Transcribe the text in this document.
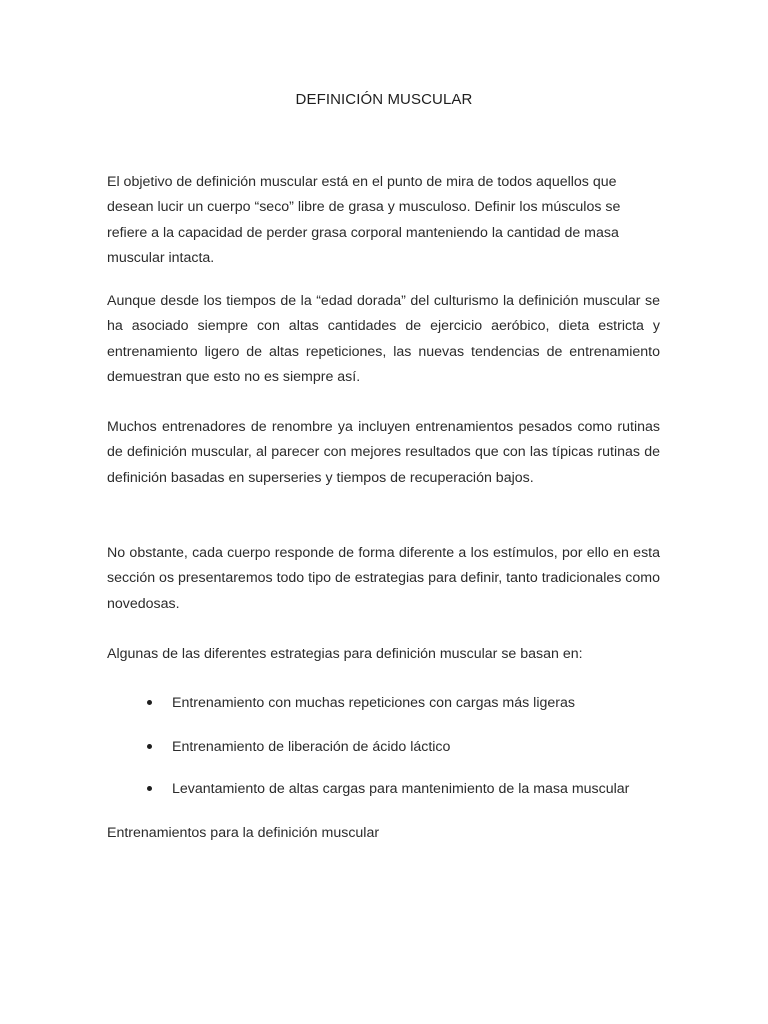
DEFINICIÓN MUSCULAR

El objetivo de definición muscular está en el punto de mira de todos aquellos que desean lucir un cuerpo “seco” libre de grasa y musculoso. Definir los músculos se refiere a la capacidad de perder grasa corporal manteniendo la cantidad de masa muscular intacta.

Aunque desde los tiempos de la “edad dorada” del culturismo la definición muscular se ha asociado siempre con altas cantidades de ejercicio aeróbico, dieta estricta y entrenamiento ligero de altas repeticiones, las nuevas tendencias de entrenamiento demuestran que esto no es siempre así.

Muchos entrenadores de renombre ya incluyen entrenamientos pesados como rutinas de definición muscular, al parecer con mejores resultados que con las típicas rutinas de definición basadas en superseries y tiempos de recuperación bajos.

No obstante, cada cuerpo responde de forma diferente a los estímulos, por ello en esta sección os presentaremos todo tipo de estrategias para definir, tanto tradicionales como novedosas.

Algunas de las diferentes estrategias para definición muscular se basan en:

Entrenamiento con muchas repeticiones con cargas más ligeras
Entrenamiento de liberación de ácido láctico
Levantamiento de altas cargas para mantenimiento de la masa muscular
Entrenamientos para la definición muscular
